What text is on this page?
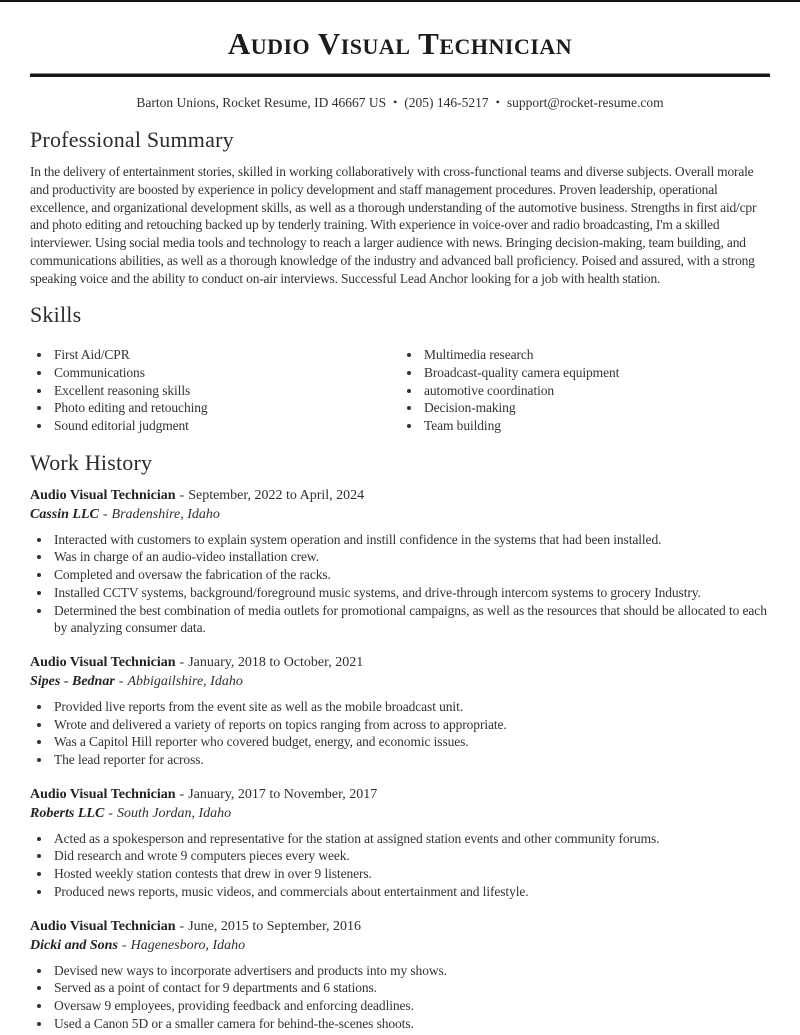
Audio Visual Technician
Barton Unions, Rocket Resume, ID 46667 US • (205) 146-5217 • support@rocket-resume.com
Professional Summary

In the delivery of entertainment stories, skilled in working collaboratively with cross-functional teams and diverse subjects. Overall morale and productivity are boosted by experience in policy development and staff management procedures. Proven leadership, operational excellence, and organizational development skills, as well as a thorough understanding of the automotive business. Strengths in first aid/cpr and photo editing and retouching backed up by tenderly training. With experience in voice-over and radio broadcasting, I'm a skilled interviewer. Using social media tools and technology to reach a larger audience with news. Bringing decision-making, team building, and communications abilities, as well as a thorough knowledge of the industry and advanced ball proficiency. Poised and assured, with a strong speaking voice and the ability to conduct on-air interviews. Successful Lead Anchor looking for a job with health station.

Skills
• First Aid/CPR
• Communications
• Excellent reasoning skills
• Photo editing and retouching
• Sound editorial judgment
• Multimedia research
• Broadcast-quality camera equipment
• automotive coordination
• Decision-making
• Team building
Work History
Audio Visual Technician - September, 2022 to April, 2024
Cassin LLC - Bradenshire, Idaho
• Interacted with customers to explain system operation and instill confidence in the systems that had been installed.
• Was in charge of an audio-video installation crew.
• Completed and oversaw the fabrication of the racks.
• Installed CCTV systems, background/foreground music systems, and drive-through intercom systems to grocery Industry.
• Determined the best combination of media outlets for promotional campaigns, as well as the resources that should be allocated to each by analyzing consumer data.
Audio Visual Technician - January, 2018 to October, 2021
Sipes - Bednar - Abbigailshire, Idaho
• Provided live reports from the event site as well as the mobile broadcast unit.
• Wrote and delivered a variety of reports on topics ranging from across to appropriate.
• Was a Capitol Hill reporter who covered budget, energy, and economic issues.
• The lead reporter for across.
Audio Visual Technician - January, 2017 to November, 2017
Roberts LLC - South Jordan, Idaho
• Acted as a spokesperson and representative for the station at assigned station events and other community forums.
• Did research and wrote 9 computers pieces every week.
• Hosted weekly station contests that drew in over 9 listeners.
• Produced news reports, music videos, and commercials about entertainment and lifestyle.
Audio Visual Technician - June, 2015 to September, 2016
Dicki and Sons - Hagenesboro, Idaho
• Devised new ways to incorporate advertisers and products into my shows.
• Served as a point of contact for 9 departments and 6 stations.
• Oversaw 9 employees, providing feedback and enforcing deadlines.
• Used a Canon 5D or a smaller camera for behind-the-scenes shoots.
